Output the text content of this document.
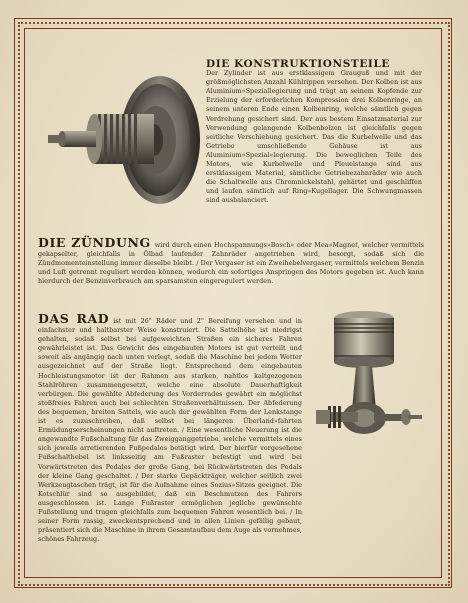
DIE KONSTRUKTIONSTEILE
Der Zylinder ist aus erstklassigem Grauguß und mit der größmöglichsten Anzahl Kühlrippen versehen. Der Kolben ist aus Aluminium»Speziallegierung und trägt an seinem Kopfende zur Erzielung der erforderlichen Kompression drei Kolbenringe, an seinem unteren Ende einen Kolbenring, welche sämtlich gegen Verdrehung gesichert sind. Der aus bestem Einsatzmaterial zur Verwendung gelangende Kolbenbolzen ist gleichfalls gegen seitliche Verschiebung gesichert. Das die Kurbelwelle und das Getriebe umschließende Gehäuse ist aus Aluminium»Spezial«legierung. Die beweglichen Teile des Motors, wie Kurbelwelle und Pleuelstange sind aus erstklassigem Material, sämtliche Getriebezahnräder wie auch die Schaltwelle aus Chromnickelstahl, gehärtet und geschliffen und laufen sämtlich auf Ring»Kugellager. Die Schwungmassen sind ausbalanciert.
DIE ZÜNDUNG wird durch einen Hochspannungs»Bosch« oder Mea»Magnet, welcher vermittels gekapselter, gleichfalls in Ölbad laufender Zahnräder angetrieben wird, besorgt, sodaß sich die Zündmomenteinstellung immer dieselbe bleibt. ∕ Der Vergaser ist ein Zweihebelvergaser, vermittels welchem Benzin und Luft getrennt reguliert werden können, wodurch ein sofortiges Anspringen des Motors gegeben ist. Auch kann hierdurch der Benzinverbrauch am sparsamsten eingeregulert werden.
DAS RAD ist mit 26" Räder und 2" Bereifung versehen und in einfachster und haltbarster Weise konstruiert. Die Sattelhöhe ist niedrigst gehalten, sodaß selbst bei aufgeweichten Straßen ein sicheres Fahren gewährleistet ist. Das Gewicht des eingebauten Motors ist gut verteilt und soweit als angängig nach unten verlegt, sodaß die Maschine bei jedem Wetter ausgezeichnet auf der Straße liegt. Entsprechend dem eingebauten Hochleistungsmotor ist der Rahmen aus starken, nahtlos kaltgezogenen Stahlröhren zusammengesetzt, welche eine absolute Dauerhaftigkeit verbürgen. Die gewählte Abfederung des Vorderrades gewährt ein möglichst stoßfreies Fahren auch bei schlechten Straßenverhältnissen. Der Abfederung des bequemen, breiten Sattels, wie auch der gewählten Form der Lenkstange ist es zuzuschreiben, daß selbst bei längeren Überland»fahrten Ermüdungserscheinungen nicht auftreten. ∕ Eine wesentliche Neuerung ist die angewandte Fußschaltung für das Zweigganggetriebe, welche vermittels eines sich jeweils arretierenden Fußpedales betätigt wird. Der hierfür vorgesehene Fußschalthebel ist linksseitig am Fußraster befestigt und wird bei Vorwärtstreten des Pedales der große Gang, bei Rückwärtstreten des Pedals der kleine Gang geschaltet. ∕ Der starke Gepäckträger, welcher seitlich zwei Werkzeugtaschen trägt, ist für die Aufnahme eines Sozius»Sitzes geeignet. Die Kotschlür sind so ausgebildet, daß ein Beschmutzen des Fahrers ausgeschlossen ist. Lange Fußraster ermöglichen jegliche gewünschte Fußstellung und tragen gleichfalls zum bequemen Fahren wesentlich bei. ∕ In seiner Form rassig, zweckentsprechend und in allen Linien gefällig gebaut, präsentiert sich die Maschine in ihrem Gesamtaufbau dem Auge als vornehmes, schönes Fahrzeug.
